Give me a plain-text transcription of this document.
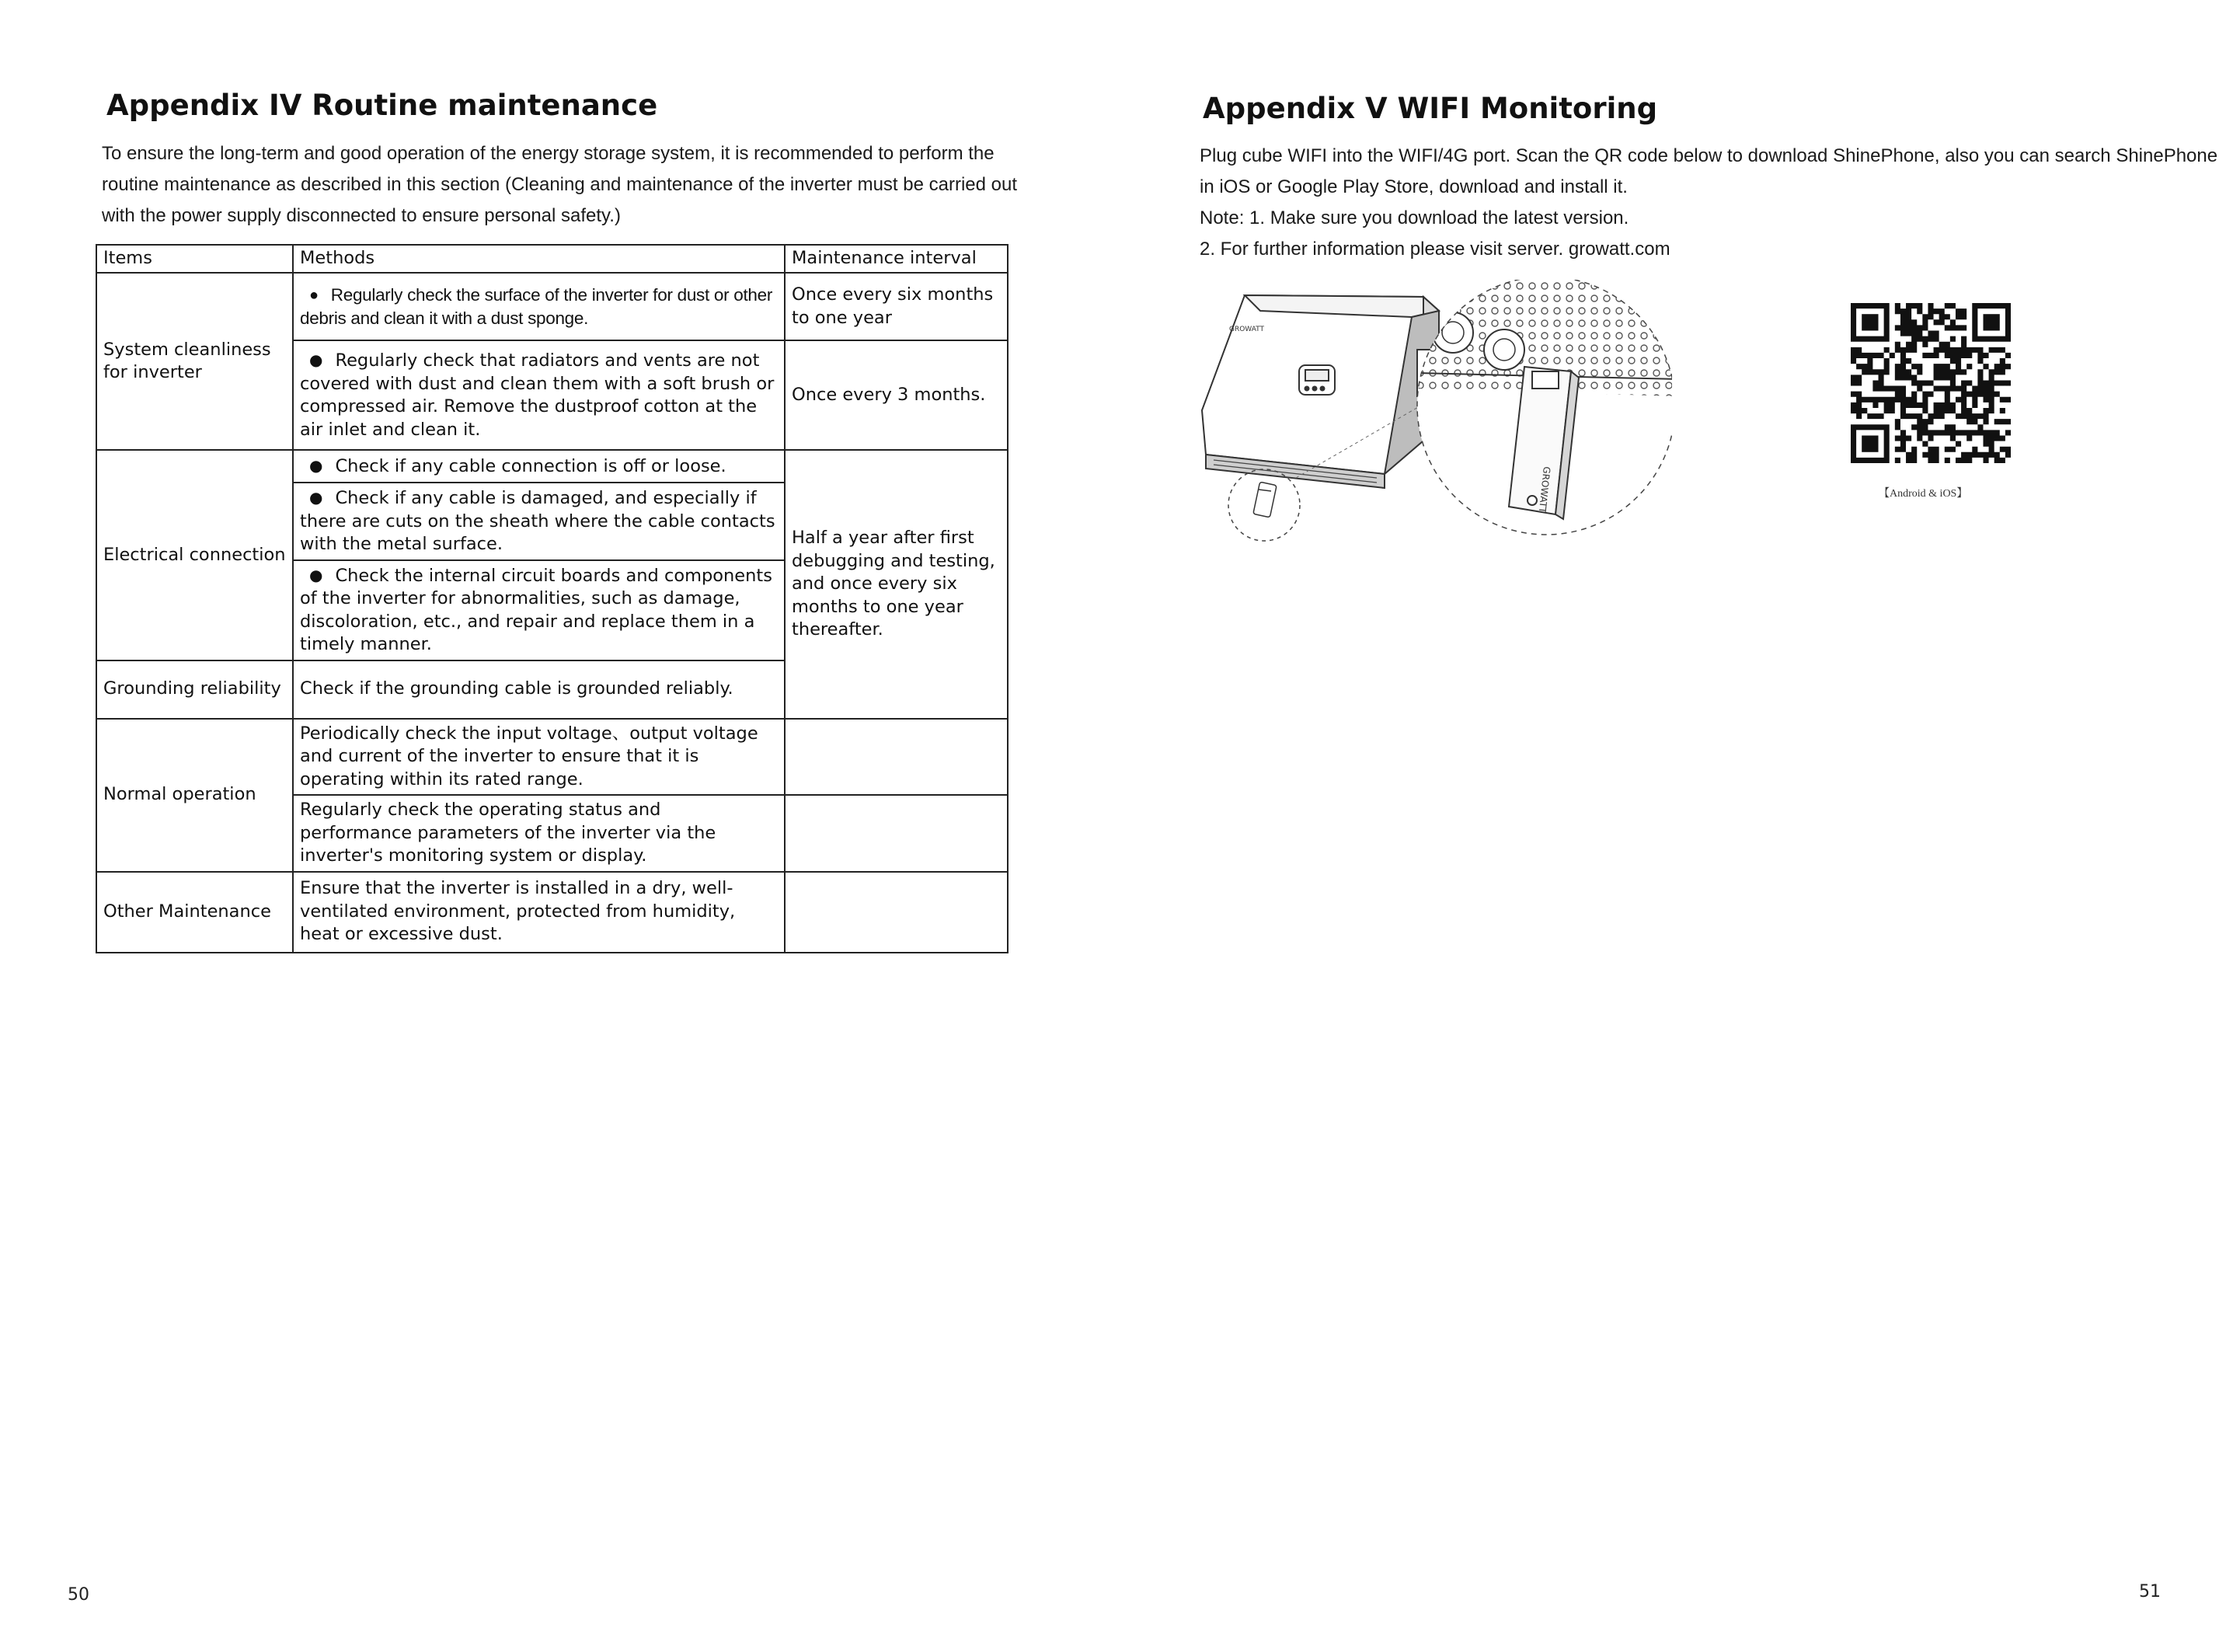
Appendix IV Routine maintenance

To ensure the long-term and good operation of the energy storage system, it is recommended to perform the

routine maintenance as described in this section (Cleaning and maintenance of the inverter must be carried out

with the power supply disconnected to ensure personal safety.)

Items	Methods	Maintenance interval
System cleanliness for inverter	● Regularly check the surface of the inverter for dust or other debris and clean it with a dust sponge.	Once every six months to one year
	● Regularly check that radiators and vents are not covered with dust and clean them with a soft brush or compressed air. Remove the dustproof cotton at the air inlet and clean it.	Once every 3 months.
Electrical connection	● Check if any cable connection is off or loose.	Half a year after first debugging and testing, and once every six months to one year thereafter.
	● Check if any cable is damaged, and especially if there are cuts on the sheath where the cable contacts with the metal surface.	
	● Check the internal circuit boards and components of the inverter for abnormalities, such as damage, discoloration, etc., and repair and replace them in a timely manner.	
Grounding reliability	Check if the grounding cable is grounded reliably.	
Normal operation	Periodically check the input voltage、output voltage and current of the inverter to ensure that it is operating within its rated range.	
	Regularly check the operating status and performance parameters of the inverter via the inverter's monitoring system or display.	
Other Maintenance	Ensure that the inverter is installed in a dry, well-ventilated environment, protected from humidity, heat or excessive dust.	
50
Appendix V WIFI Monitoring

Plug cube WIFI into the WIFI/4G port. Scan the QR code below to download ShinePhone, also you can search ShinePhone

in iOS or Google Play Store, download and install it.

Note: 1. Make sure you download the latest version.

2. For further information please visit server. growatt.com

GROWATT
GROWATT	【Android & iOS】
51
